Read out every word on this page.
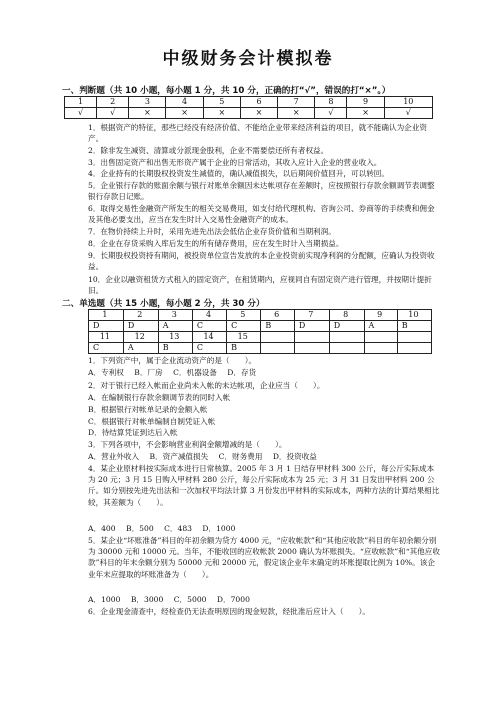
中级财务会计模拟卷
一、判断题（共 10 小题，每小题 1 分，共 10 分，正确的打“√”，错误的打“×”。）
1	2	3	4	5	6	7	8	9	10
√	√	×	×	×	×	×	√	×	√
1．根据资产的特征，那些已经没有经济价值、不能给企业带来经济利益的项目，就不能确认为企业资产。
2．除非发生减资、清算或分派现金股利，企业不需要偿还所有者权益。
3．出售固定资产和出售无形资产属于企业的日常活动，其收入应计入企业的营业收入。
4．企业持有的长期股权投资发生减值的，确认减值损失，以后期间价值回升，可以转回。
5．企业银行存款的账面余额与银行对账单余额因未达帐项存在差额时，应按照银行存款余额调节表调整银行存款日记账。
6．取得交易性金融资产所发生的相关交易费用，如支付给代理机构、咨询公司、券商等的手续费和佣金及其他必要支出，应当在发生时计入交易性金融资产的成本。
7．在物价持续上升时，采用先进先出法会低估企业存货价值和当期利润。
8．企业在存货采购入库后发生的所有储存费用，应在发生时计入当期损益。
9．长期股权投资持有期间，被投资单位宣告发放的本企业投资前实现净利润的分配额，应确认为投资收益。
10．企业以融资租赁方式租入的固定资产，在租赁期内，应视同自有固定资产进行管理，并按期计提折旧。
二、单选题（共 15 小题，每小题 2 分，共 30 分）
1	2	3	4	5	6	7	8	9	10
D	D	A	C	C	B	D	D	A	B
11	12	13	14	15					
C	A	B	C	B					
1．下列资产中，属于企业流动资产的是（　　）。
A．专利权 B．厂房 C．机器设备 D．存货
2．对于银行已经入帐而企业尚未入帐的未达帐项，企业应当（　　）。
A．在编制银行存款余额调节表的同时入帐
B．根据银行对帐单记录的金额入帐
C．根据银行对帐单编制自制凭证入帐
D．待结算凭证到达后入帐
3．下列各项中，不会影响营业利润金额增减的是（　　）。
A．营业外收入 B．资产减值损失 C．财务费用 D．投资收益
4．某企业原材料按实际成本进行日常核算。2005 年 3 月 1 日结存甲材料 300 公斤，每公斤实际成本为 20 元；3 月 15 日购入甲材料 280 公斤，每公斤实际成本为 25 元；3 月 31 日发出甲材料 200 公斤。如分别按先进先出法和一次加权平均法计算 3 月份发出甲材料的实际成本，两种方法的计算结果相比较，其差额为（　　）。
A．400 B．500 C．483 D．1000
5．某企业“坏账准备”科目的年初余额为贷方 4000 元，“应收帐款”和“其他应收款”科目的年初余额分别为 30000 元和 10000 元。当年，不能收回的应收帐款 2000 确认为坏账损失。“应收帐款”和“其他应收款”科目的年末余额分别为 50000 元和 20000 元，假定该企业年末确定的坏账提取比例为 10%。该企业年末应提取的坏账准备为（　　）。
A．1000 B．3000 C．5000 D．7000
6．企业现金清查中，经检查仍无法查明原因的现金短款，经批准后应计入（　　）。
